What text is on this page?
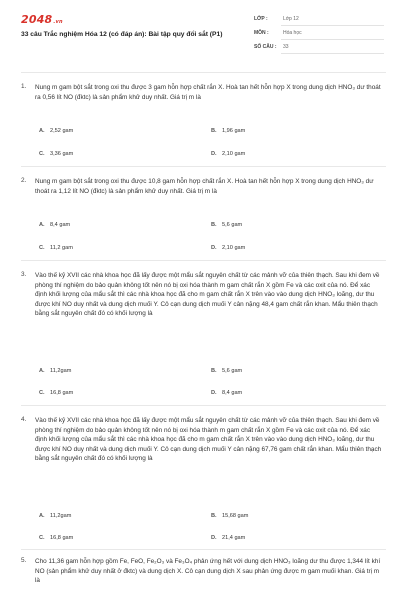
2048.vn
33 câu Trắc nghiệm Hóa 12 (có đáp án): Bài tập quy đổi sắt (P1)
LỚP :	Lớp 12
MÔN :	Hóa học
SỐ CÂU : 33
1. Nung m gam bột sắt trong oxi thu được 3 gam hỗn hợp chất rắn X. Hoà tan hết hỗn hợp X trong dung dịch HNO₃ dư thoát ra 0,56 lít NO (đktc) là sản phẩm khử duy nhất. Giá trị m là
A. 2,52 gam	B. 1,96 gam
C. 3,36 gam	D. 2,10 gam
2. Nung m gam bột sắt trong oxi thu được 10,8 gam hỗn hợp chất rắn X. Hoà tan hết hỗn hợp X trong dung dịch HNO₃ dư thoát ra 1,12 lít NO (đktc) là sản phẩm khử duy nhất. Giá trị m là
A. 8,4 gam	B. 5,6 gam
C. 11,2 gam	D. 2,10 gam
3. Vào thế kỷ XVII các nhà khoa học đã lấy được một mẩu sắt nguyên chất từ các mảnh vỡ của thiên thạch. Sau khi đem về phòng thí nghiệm do bảo quản không tốt nên nó bị oxi hóa thành m gam chất rắn X gồm Fe và các oxit của nó. Để xác định khối lượng của mẩu sắt thì các nhà khoa học đã cho m gam chất rắn X trên vào vào dung dịch HNO₃ loãng, dư thu được khí NO duy nhất và dung dịch muối Y. Cô cạn dung dịch muối Y cân nặng 48,4 gam chất rắn khan. Mẩu thiên thạch bằng sắt nguyên chất đó có khối lượng là
A. 11,2gam	B. 5,6 gam
C. 16,8 gam	D. 8,4 gam
4. Vào thế kỷ XVII các nhà khoa học đã lấy được một mẩu sắt nguyên chất từ các mảnh vỡ của thiên thạch. Sau khi đem về phòng thí nghiệm do bảo quản không tốt nên nó bị oxi hóa thành m gam chất rắn X gồm Fe và các oxit của nó. Để xác định khối lượng của mẩu sắt thì các nhà khoa học đã cho m gam chất rắn X trên vào vào dung dịch HNO₃ loãng, dư thu được khí NO duy nhất và dung dịch muối Y. Cô cạn dung dịch muối Y cân nặng 67,76 gam chất rắn khan. Mẩu thiên thạch bằng sắt nguyên chất đó có khối lượng là
A. 11,2gam	B. 15,68 gam
C. 16,8 gam	D. 21,4 gam
5. Cho 11,36 gam hỗn hợp gồm Fe, FeO, Fe₂O₃ và Fe₃O₄ phản ứng hết với dung dịch HNO₃ loãng dư thu được 1,344 lít khí NO (sản phẩm khử duy nhất ở đktc) và dung dịch X. Cô cạn dung dịch X sau phản ứng được m gam muối khan. Giá trị m là
